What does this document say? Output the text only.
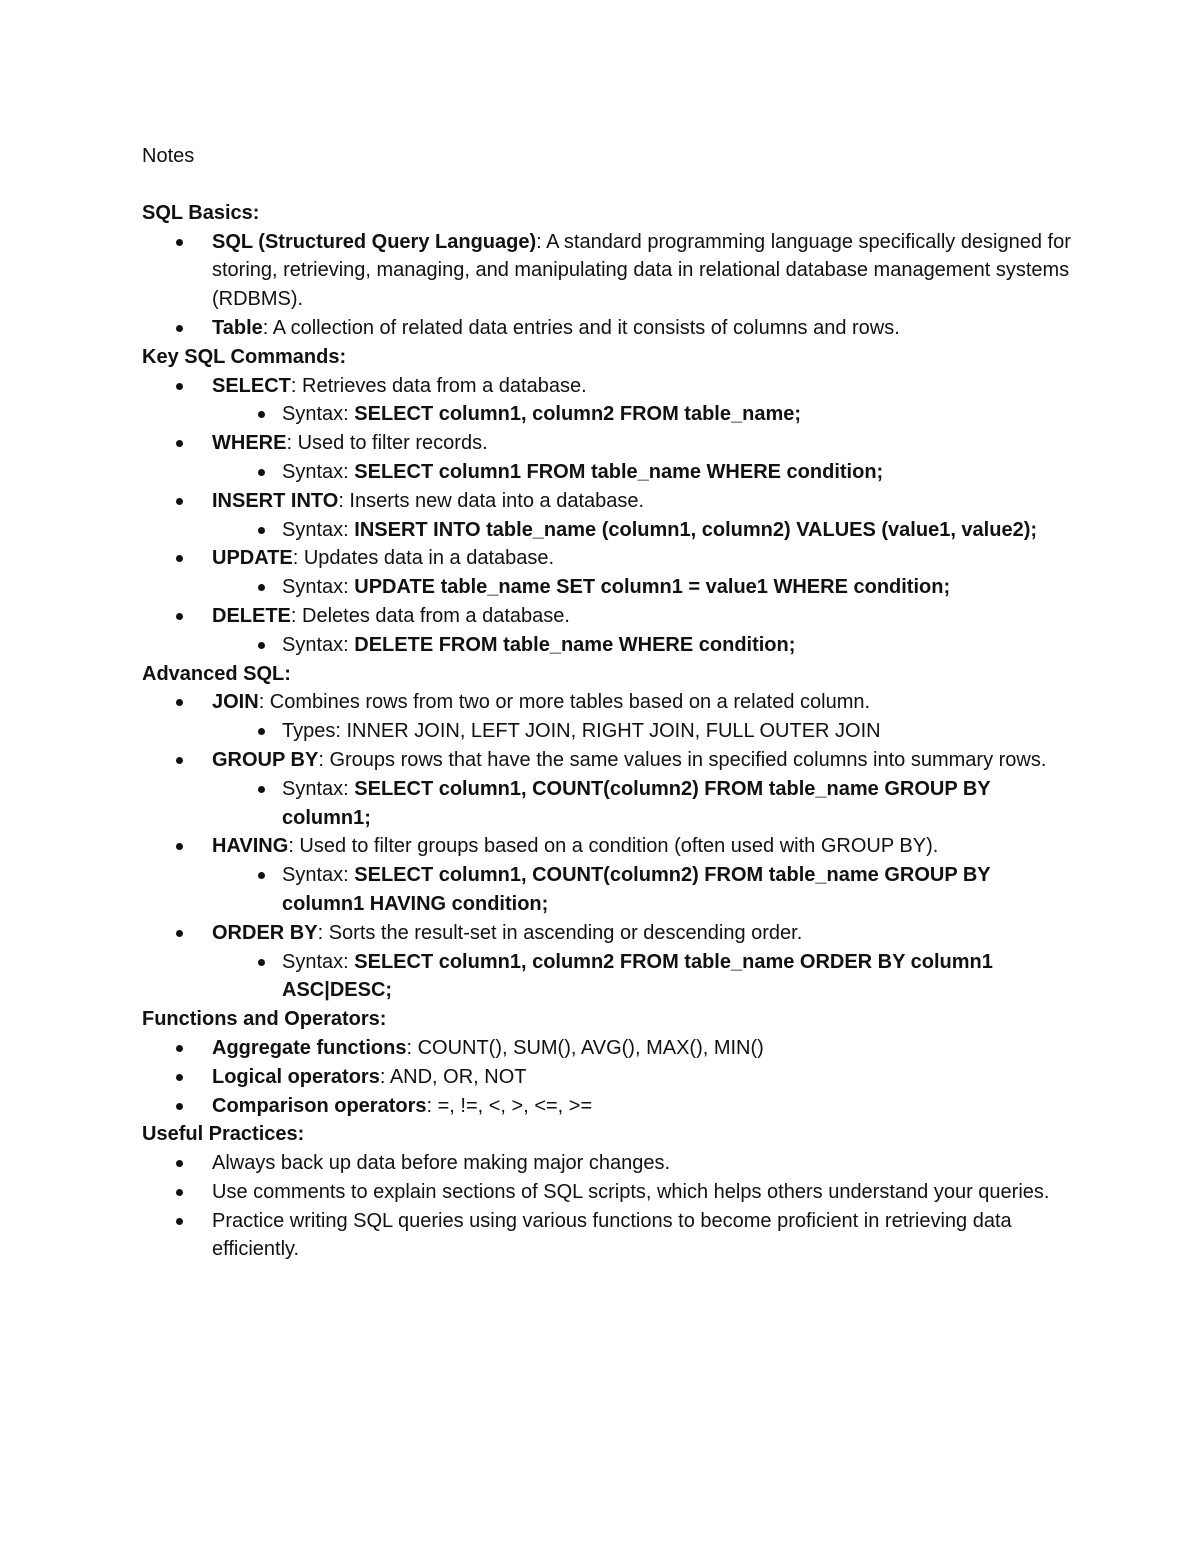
Notes

SQL Basics:

SQL (Structured Query Language): A standard programming language specifically designed for storing, retrieving, managing, and manipulating data in relational database management systems (RDBMS).
Table: A collection of related data entries and it consists of columns and rows.

Key SQL Commands:

SELECT: Retrieves data from a database.
Syntax: SELECT column1, column2 FROM table_name;
WHERE: Used to filter records.
Syntax: SELECT column1 FROM table_name WHERE condition;
INSERT INTO: Inserts new data into a database.
Syntax: INSERT INTO table_name (column1, column2) VALUES (value1, value2);
UPDATE: Updates data in a database.
Syntax: UPDATE table_name SET column1 = value1 WHERE condition;
DELETE: Deletes data from a database.
Syntax: DELETE FROM table_name WHERE condition;

Advanced SQL:

JOIN: Combines rows from two or more tables based on a related column.
Types: INNER JOIN, LEFT JOIN, RIGHT JOIN, FULL OUTER JOIN
GROUP BY: Groups rows that have the same values in specified columns into summary rows.
Syntax: SELECT column1, COUNT(column2) FROM table_name GROUP BY column1;
HAVING: Used to filter groups based on a condition (often used with GROUP BY).
Syntax: SELECT column1, COUNT(column2) FROM table_name GROUP BY column1 HAVING condition;
ORDER BY: Sorts the result-set in ascending or descending order.
Syntax: SELECT column1, column2 FROM table_name ORDER BY column1 ASC|DESC;

Functions and Operators:

Aggregate functions: COUNT(), SUM(), AVG(), MAX(), MIN()
Logical operators: AND, OR, NOT
Comparison operators: =, !=, <, >, <=, >=

Useful Practices:

Always back up data before making major changes.
Use comments to explain sections of SQL scripts, which helps others understand your queries.
Practice writing SQL queries using various functions to become proficient in retrieving data efficiently.
